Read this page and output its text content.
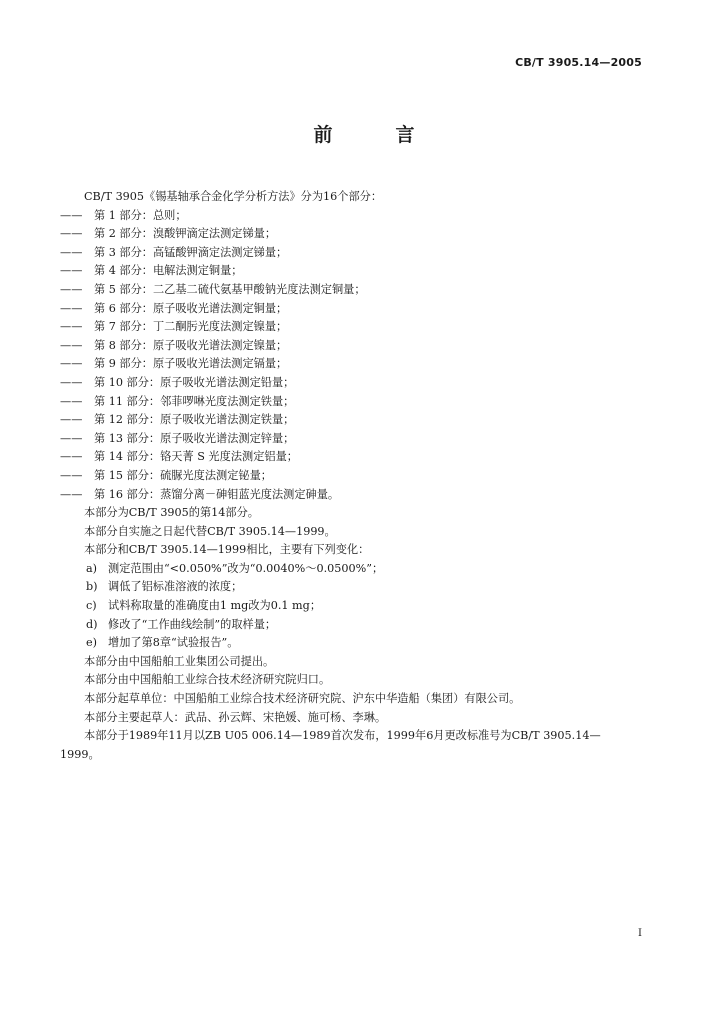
CB/T 3905.14—2005
前　言
CB/T 3905《锡基轴承合金化学分析方法》分为16个部分：
—— 第 1 部分：总则；
—— 第 2 部分：溴酸钾滴定法测定锑量；
—— 第 3 部分：高锰酸钾滴定法测定锑量；
—— 第 4 部分：电解法测定铜量；
—— 第 5 部分：二乙基二硫代氨基甲酸钠光度法测定铜量；
—— 第 6 部分：原子吸收光谱法测定铜量；
—— 第 7 部分：丁二酮肟光度法测定镍量；
—— 第 8 部分：原子吸收光谱法测定镍量；
—— 第 9 部分：原子吸收光谱法测定镉量；
—— 第 10 部分：原子吸收光谱法测定铅量；
—— 第 11 部分：邻菲啰啉光度法测定铁量；
—— 第 12 部分：原子吸收光谱法测定铁量；
—— 第 13 部分：原子吸收光谱法测定锌量；
—— 第 14 部分：铬天菁 S 光度法测定铝量；
—— 第 15 部分：硫脲光度法测定铋量；
—— 第 16 部分：蒸馏分离－砷钼蓝光度法测定砷量。
本部分为CB/T 3905的第14部分。
本部分自实施之日起代替CB/T 3905.14—1999。
本部分和CB/T 3905.14—1999相比，主要有下列变化：
a) 测定范围由“<0.050%”改为“0.0040%～0.0500%”；
b) 调低了铝标准溶液的浓度；
c) 试料称取量的准确度由1 mg改为0.1 mg；
d) 修改了“工作曲线绘制”的取样量；
e) 增加了第8章“试验报告”。
本部分由中国船舶工业集团公司提出。
本部分由中国船舶工业综合技术经济研究院归口。
本部分起草单位：中国船舶工业综合技术经济研究院、沪东中华造船（集团）有限公司。
本部分主要起草人：武品、孙云辉、宋艳媛、施可杨、李琳。
本部分于1989年11月以ZB U05 006.14—1989首次发布，1999年6月更改标准号为CB/T 3905.14—
1999。
I
